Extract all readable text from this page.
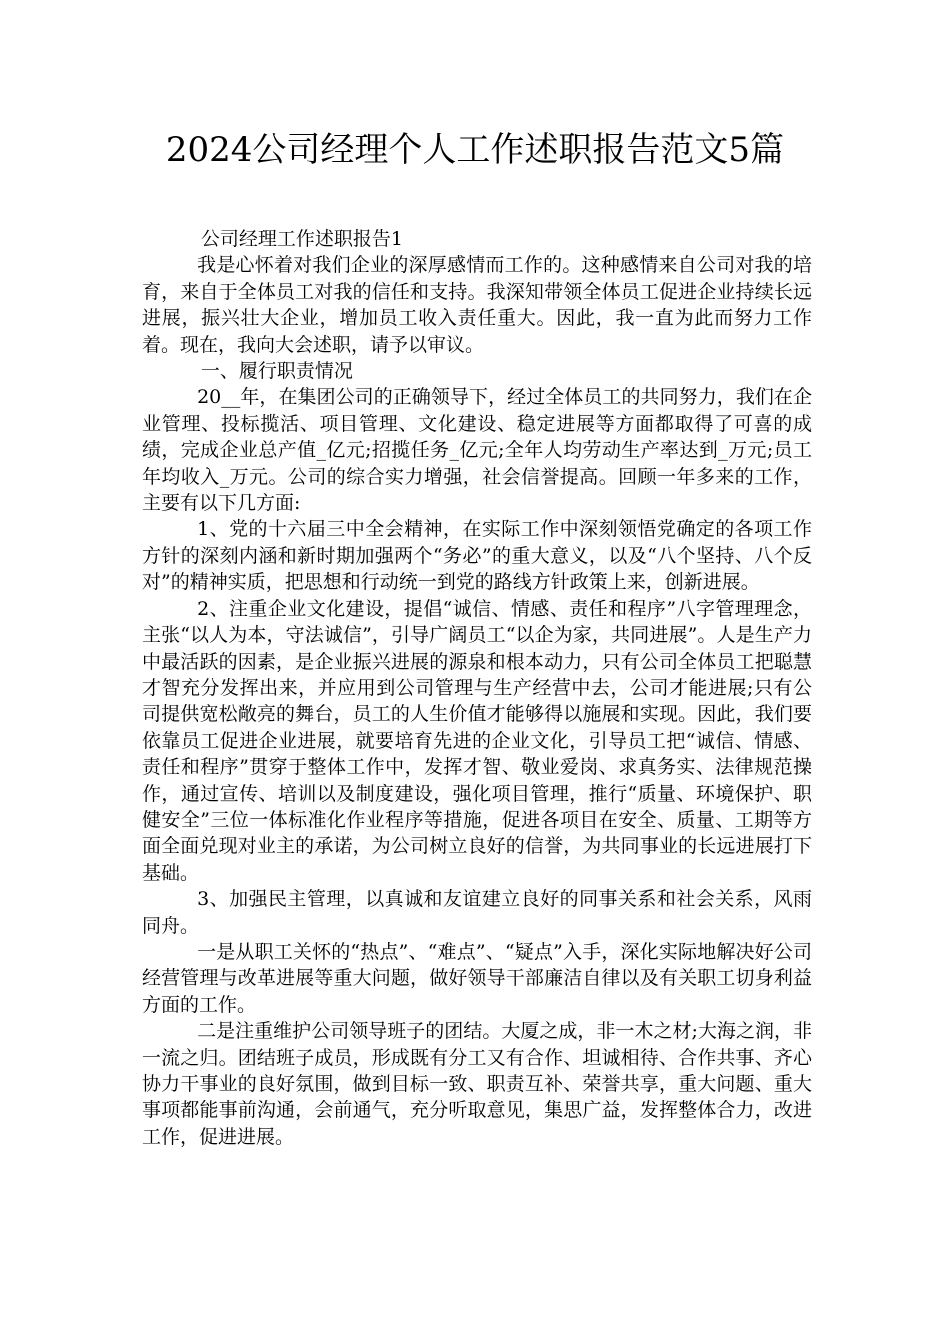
2024公司经理个人工作述职报告范文5篇

公司经理工作述职报告1

我是心怀着对我们企业的深厚感情而工作的。这种感情来自公司对我的培育，来自于全体员工对我的信任和支持。我深知带领全体员工促进企业持续长远进展，振兴壮大企业，增加员工收入责任重大。因此，我一直为此而努力工作着。现在，我向大会述职，请予以审议。

一、履行职责情况

20__年，在集团公司的正确领导下，经过全体员工的共同努力，我们在企业管理、投标揽活、项目管理、文化建设、稳定进展等方面都取得了可喜的成绩，完成企业总产值_亿元;招揽任务_亿元;全年人均劳动生产率达到_万元;员工年均收入_万元。公司的综合实力增强，社会信誉提高。回顾一年多来的工作，主要有以下几方面:

1、党的十六届三中全会精神，在实际工作中深刻领悟党确定的各项工作方针的深刻内涵和新时期加强两个“务必”的重大意义，以及“八个坚持、八个反对”的精神实质，把思想和行动统一到党的路线方针政策上来，创新进展。

2、注重企业文化建设，提倡“诚信、情感、责任和程序”八字管理理念，主张“以人为本，守法诚信”，引导广阔员工“以企为家，共同进展”。人是生产力中最活跃的因素，是企业振兴进展的源泉和根本动力，只有公司全体员工把聪慧才智充分发挥出来，并应用到公司管理与生产经营中去，公司才能进展;只有公司提供宽松敞亮的舞台，员工的人生价值才能够得以施展和实现。因此，我们要依靠员工促进企业进展，就要培育先进的企业文化，引导员工把“诚信、情感、责任和程序”贯穿于整体工作中，发挥才智、敬业爱岗、求真务实、法律规范操作，通过宣传、培训以及制度建设，强化项目管理，推行“质量、环境保护、职健安全”三位一体标准化作业程序等措施，促进各项目在安全、质量、工期等方面全面兑现对业主的承诺，为公司树立良好的信誉，为共同事业的长远进展打下基础。

3、加强民主管理，以真诚和友谊建立良好的同事关系和社会关系，风雨同舟。

一是从职工关怀的“热点”、“难点”、“疑点”入手，深化实际地解决好公司经营管理与改革进展等重大问题，做好领导干部廉洁自律以及有关职工切身利益方面的工作。

二是注重维护公司领导班子的团结。大厦之成，非一木之材;大海之润，非一流之归。团结班子成员，形成既有分工又有合作、坦诚相待、合作共事、齐心协力干事业的良好氛围，做到目标一致、职责互补、荣誉共享，重大问题、重大事项都能事前沟通，会前通气，充分听取意见，集思广益，发挥整体合力，改进工作，促进进展。
